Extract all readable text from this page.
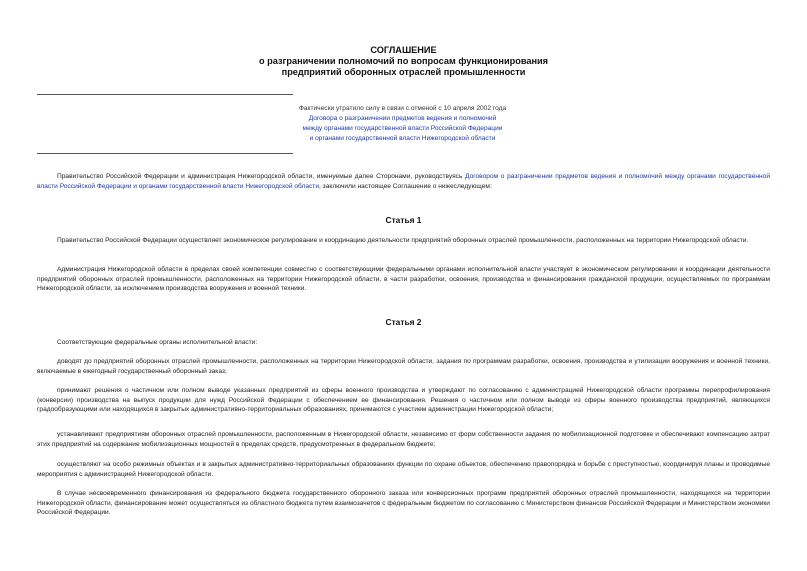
СОГЛАШЕНИЕ
о разграничении полномочий по вопросам функционирования
предприятий оборонных отраслей промышленности
Фактически утратило силу в связи с отменой с 10 апреля 2002 года
Договора о разграничении предметов ведения и полномочий
между органами государственной власти Российской Федерации
и органами государственной власти Нижегородской области

Правительство Российской Федерации и администрация Нижегородской области, именуемые далее Сторонами, руководствуясь Договором о разграничении предметов ведения и полномочий между органами государственной власти Российской Федерации и органами государственной власти Нижегородской области, заключили настоящее Соглашение о нижеследующем:

Статья 1

Правительство Российской Федерации осуществляет экономическое регулирование и координацию деятельности предприятий оборонных отраслей промышленности, расположенных на территории Нижегородской области.

Администрация Нижегородской области в пределах своей компетенции совместно с соответствующими федеральными органами исполнительной власти участвует в экономическом регулировании и координации деятельности предприятий оборонных отраслей промышленности, расположенных на территории Нижегородской области, в части разработки, освоения, производства и финансирования гражданской продукции, осуществляемых по программам Нижегородской области, за исключением производства вооружения и военной техники.

Статья 2

Соответствующие федеральные органы исполнительной власти:

доводят до предприятий оборонных отраслей промышленности, расположенных на территории Нижегородской области, задания по программам разработки, освоения, производства и утилизации вооружения и военной техники, включаемые в ежегодный государственный оборонный заказ;

принимают решения о частичном или полном выводе указанных предприятий из сферы военного производства и утверждают по согласованию с администрацией Нижегородской области программы перепрофилирования (конверсии) производства на выпуск продукции для нужд Российской Федерации с обеспечением ее финансирования. Решения о частичном или полном выводе из сферы военного производства предприятий, являющихся градообразующими или находящихся в закрытых административно-территориальных образованиях, принимаются с участием администрации Нижегородской области;

устанавливают предприятиям оборонных отраслей промышленности, расположенным в Нижегородской области, независимо от форм собственности задания по мобилизационной подготовке и обеспечивают компенсацию затрат этих предприятий на содержание мобилизационных мощностей в пределах средств, предусмотренных в федеральном бюджете;

осуществляют на особо режимных объектах и в закрытых административно-территориальных образованиях функции по охране объектов, обеспечению правопорядка и борьбе с преступностью, координируя планы и проводимые мероприятия с администрацией Нижегородской области.

В случае несвоевременного финансирования из федерального бюджета государственного оборонного заказа или конверсионных программ предприятий оборонных отраслей промышленности, находящихся на территории Нижегородской области, финансирование может осуществляться из областного бюджета путем взаимозачетов с федеральным бюджетом по согласованию с Министерством финансов Российской Федерации и Министерством экономики Российской Федерации.
